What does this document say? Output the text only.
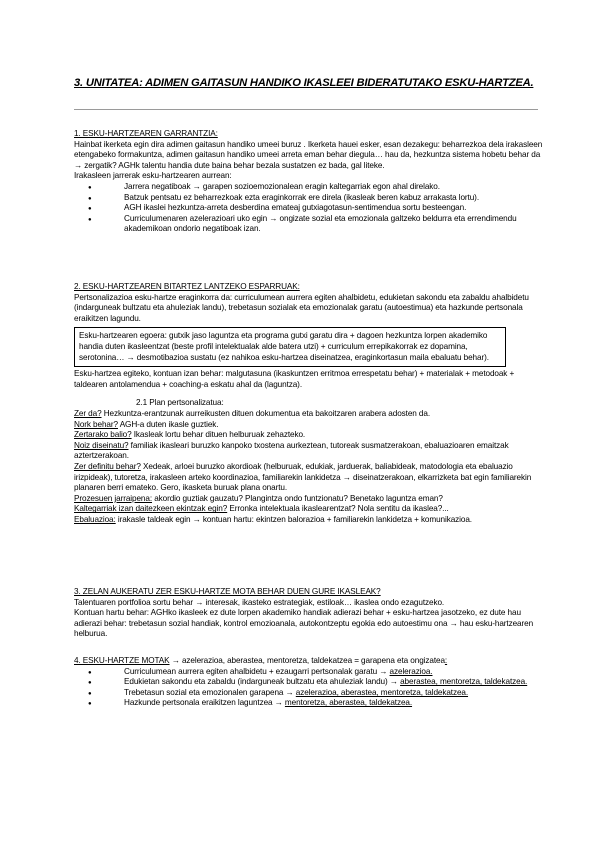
3. UNITATEA: ADIMEN GAITASUN HANDIKO IKASLEEI BIDERATUTAKO ESKU-HARTZEA.
1. ESKU-HARTZEAREN GARRANTZIA:

Hainbat ikerketa egin dira adimen gaitasun handiko umeei buruz . Ikerketa hauei esker, esan dezakegu: beharrezkoa dela irakasleen etengabeko formakuntza, adimen gaitasun handiko umeei arreta eman behar diegula… hau da, hezkuntza sistema hobetu behar da → zergatik? AGHk talentu handia dute baina behar bezala sustatzen ez bada, gal liteke.

Irakasleen jarrerak esku-hartzearen aurrean:

● Jarrera negatiboak → garapen sozioemozionalean eragin kaltegarriak egon ahal direlako.
● Batzuk pentsatu ez beharrezkoak ezta eraginkorrak ere direla (ikasleak beren kabuz arrakasta lortu).
● AGH ikaslei hezkuntza-arreta desberdina emateaj gutxiagotasun-sentimendua sortu besteengan.
● Curriculumenaren azelerazioari uko egin → ongizate sozial eta emozionala galtzeko beldurra eta errendimendu akademikoan ondorio negatiboak izan.
2. ESKU-HARTZEAREN BITARTEZ LANTZEKO ESPARRUAK:

Pertsonalizazioa esku-hartze eraginkorra da: curriculumean aurrera egiten ahalbidetu, edukietan sakondu eta zabaldu ahalbidetu (indarguneak bultzatu eta ahuleziak landu), trebetasun sozialak eta emozionalak garatu (autoestimua) eta hazkunde pertsonala eraikitzen lagundu.

Esku-hartzearen egoera: gutxik jaso laguntza eta programa gutxi garatu dira + dagoen hezkuntza lorpen akademiko handia duten ikasleentzat (beste profil intelektualak alde batera utzi) + curriculum errepikakorrak ez dopamina, serotonina… → desmotibazioa sustatu (ez nahikoa esku-hartzea diseinatzea, eraginkortasun maila ebaluatu behar).

Esku-hartzea egiteko, kontuan izan behar: malgutasuna (ikaskuntzen erritmoa errespetatu behar) + materialak + metodoak + taldearen antolamendua + coaching-a eskatu ahal da (laguntza).

2.1 Plan pertsonalizatua:
Zer da? Hezkuntza-erantzunak aurreikusten dituen dokumentua eta bakoitzaren arabera adosten da.
Nork behar? AGH-a duten ikasle guztiek.
Zertarako balio? Ikasleak lortu behar dituen helburuak zehazteko.
Noiz diseinatu? familiak ikasleari buruzko kanpoko txostena aurkeztean, tutoreak susmatzerakoan, ebaluazioaren emaitzak aztertzerakoan.
Zer definitu behar? Xedeak, arloei buruzko akordioak (helburuak, edukiak, jarduerak, baliabideak, matodologia eta ebaluazio irizpideak), tutoretza, irakasleen arteko koordinazioa, familiarekin lankidetza → diseinatzerakoan, elkarrizketa bat egin familiarekin planaren berri emateko. Gero, ikasketa buruak plana onartu.
Prozesuen jarraipena: akordio guztiak gauzatu? Plangintza ondo funtzionatu? Benetako laguntza eman?
Kaltegarriak izan daitezkeen ekintzak egin? Erronka intelektuala ikaslearentzat? Nola sentitu da ikaslea?...
Ebaluazioa: irakasle taldeak egin → kontuan hartu: ekintzen balorazioa + familiarekin lankidetza + komunikazioa.
3. ZELAN AUKERATU ZER ESKU-HARTZE MOTA BEHAR DUEN GURE IKASLEAK?

Talentuaren portfolioa sortu behar → interesak, ikasteko estrategiak, estiloak… ikaslea ondo ezagutzeko.

Kontuan hartu behar: AGHko ikasleek ez dute lorpen akademiko handiak adierazi behar + esku-hartzea jasotzeko, ez dute hau adierazi behar: trebetasun sozial handiak, kontrol emozioanala, autokontzeptu egokia edo autoestimu ona → hau esku-hartzearen helburua.

4. ESKU-HARTZE MOTAK → azelerazioa, aberastea, mentoretza, taldekatzea = garapena eta ongizatea:
● Curriculumean aurrera egiten ahalbidetu + ezaugarri pertsonalak garatu → azelerazioa.
● Edukietan sakondu eta zabaldu (indarguneak bultzatu eta ahuleziak landu) → aberastea, mentoretza, taldekatzea.
● Trebetasun sozial eta emozionalen garapena → azelerazioa, aberastea, mentoretza, taldekatzea.
● Hazkunde pertsonala eraikitzen laguntzea → mentoretza, aberastea, taldekatzea.
